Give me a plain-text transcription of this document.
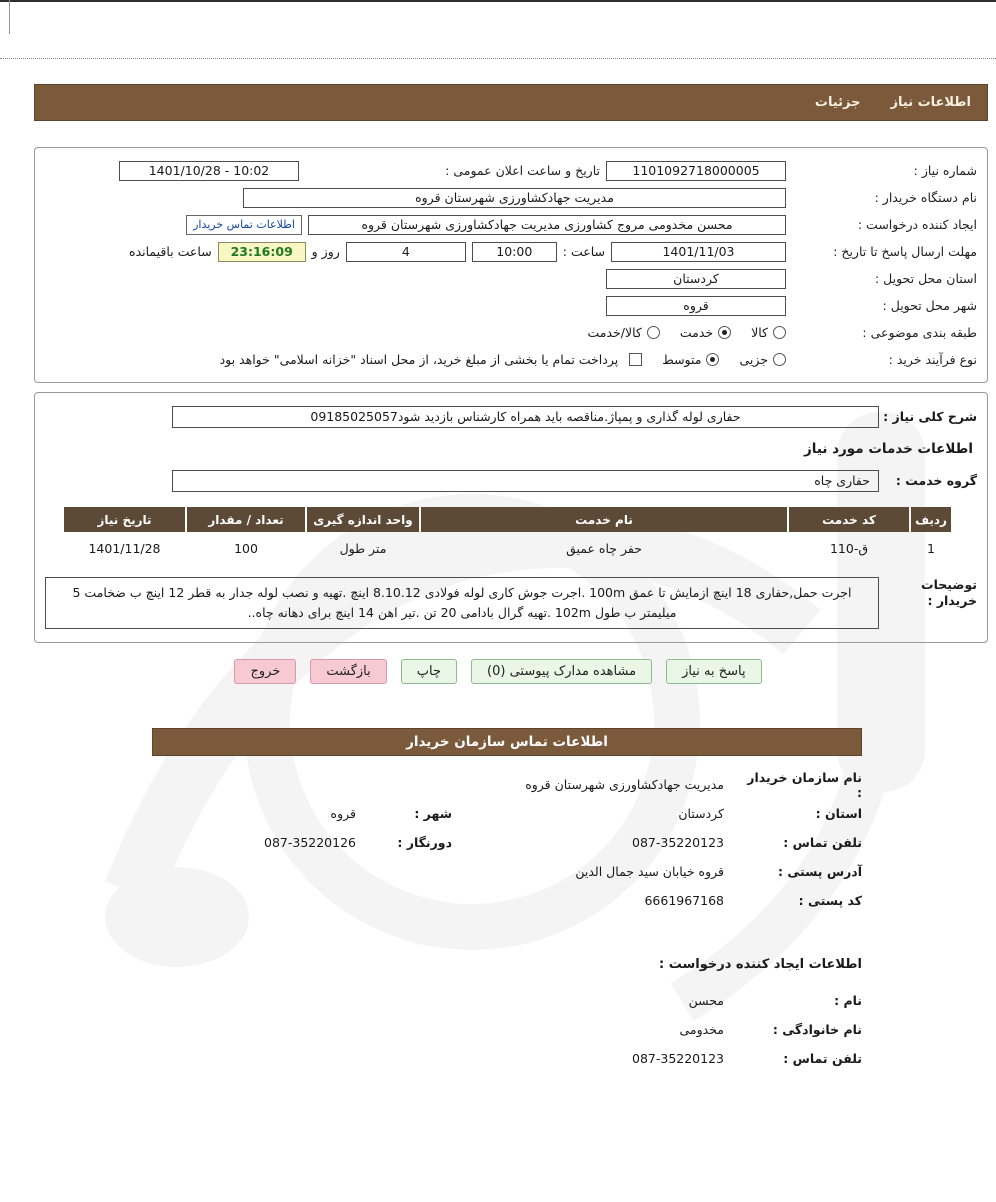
اطلاعات نیاز
جزئیات
شماره نیاز :
1101092718000005
تاریخ و ساعت اعلان عمومی :
1401/10/28 - 10:02
نام دستگاه خریدار :
مدیریت جهادکشاورزی شهرستان قروه
ایجاد کننده درخواست :
محسن مخدومی مروج کشاورزی مدیریت جهادکشاورزی شهرستان قروه
اطلاعات تماس خریدار
مهلت ارسال پاسخ تا تاریخ :
1401/11/03
ساعت :
10:00
4
روز و
23:16:09
ساعت باقیمانده
استان محل تحویل :
کردستان
شهر محل تحویل :
قروه
طبقه بندی موضوعی :
کالا
خدمت
کالا/خدمت
نوع فرآیند خرید :
جزیی
متوسط
پرداخت تمام یا بخشی از مبلغ خرید، از محل اسناد "خزانه اسلامی" خواهد بود
شرح کلی نیاز :
حفاری لوله گذاری و پمپاژ.مناقصه باید همراه کارشناس بازدید شود09185025057
اطلاعات خدمات مورد نیاز
گروه خدمت :
حفاری چاه
ردیف	کد خدمت	نام خدمت	واحد اندازه گیری	تعداد / مقدار	تاریخ نیاز
1	ق-110	حفر چاه عمیق	متر طول	100	1401/11/28
توضیحات خریدار :
اجرت حمل,حفاری 18 اینچ ازمایش تا عمق 100m .اجرت جوش کاری لوله فولادی 8.10.12 اینچ .تهیه و نصب لوله جدار به قطر 12 اینچ ب ضخامت 5 میلیمتر ب طول 102m .تهیه گرال بادامی 20 تن .تیر اهن 14 اینچ برای دهانه چاه..
پاسخ به نیاز
مشاهده مدارک پیوستی (0)
چاپ
بازگشت
خروج
اطلاعات تماس سازمان خریدار
نام سازمان خریدار :
مدیریت جهادکشاورزی شهرستان قروه
استان :
کردستان
شهر :
قروه
تلفن تماس :
087-35220123
دورنگار :
087-35220126
آدرس پستی :
قروه خیابان سید جمال الدین
کد پستی :
6661967168
اطلاعات ایجاد کننده درخواست :
نام :
محسن
نام خانوادگی :
مخدومی
تلفن تماس :
087-35220123
